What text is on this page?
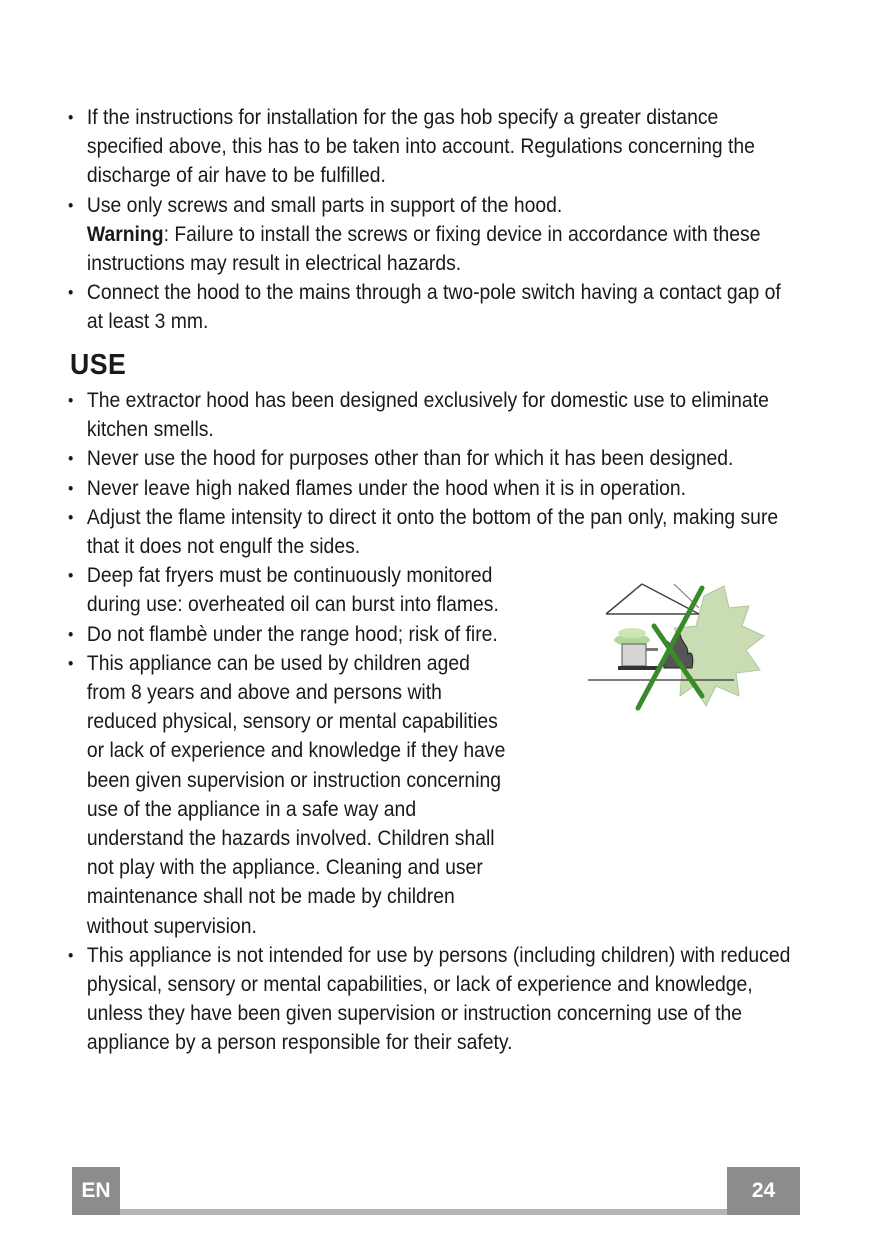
• If the instructions for installation for the gas hob specify a greater distance specified above, this has to be taken into account. Regulations concerning the discharge of air have to be fulfilled.
• Use only screws and small parts in support of the hood.
Warning: Failure to install the screws or fixing device in accordance with these instructions may result in electrical hazards.
• Connect the hood to the mains through a two-pole switch having a contact gap of at least 3 mm.
USE
• The extractor hood has been designed exclusively for domestic use to eliminate kitchen smells.
• Never use the hood for purposes other than for which it has been designed.
• Never leave high naked flames under the hood when it is in operation.
• Adjust the flame intensity to direct it onto the bottom of the pan only, making sure that it does not engulf the sides.
• Deep fat fryers must be continuously monitored during use: overheated oil can burst into flames.
• Do not flambè under the range hood; risk of fire.
• This appliance can be used by children aged from 8 years and above and persons with reduced physical, sensory or mental capabilities or lack of experience and knowledge if they have been given supervision or instruction concerning use of the appliance in a safe way and understand the hazards involved. Children shall not play with the appliance. Cleaning and user maintenance shall not be made by children without supervision.
• This appliance is not intended for use by persons (including children) with reduced physical, sensory or mental capabilities, or lack of experience and knowledge, unless they have been given supervision or instruction concerning use of the appliance by a person responsible for their safety.
EN	24
